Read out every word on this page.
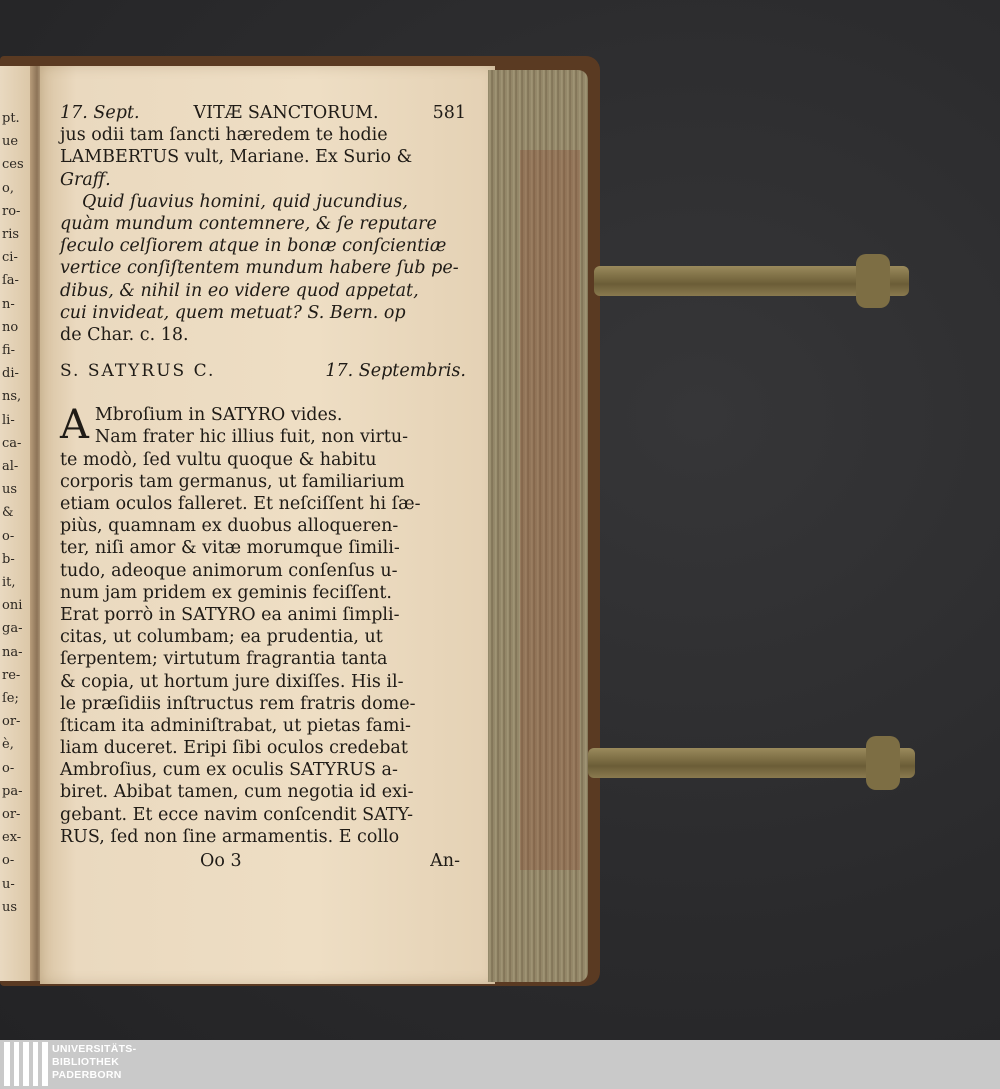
pt.
ue
ces
o,
ro-
ris
ci-
ſa-
n-
no
fi-
di-
ns,
li-
ca-
al-
us
&
o-
b-
it,
oni
ga-
na-
re-
ſe;
or-
è,
o-
pa-
or-
ex-
o-
u-
us
17. Sept.	VITÆ SANCTORUM.	581
jus odii tam ſancti hæredem te hodie
LAMBERTUS vult, Mariane. Ex Surio &
Graff.
Quid ſuavius homini, quid jucundius,
quàm mundum contemnere, & ſe reputare
ſeculo celſiorem atque in bonæ conſcientiæ
vertice conſiſtentem mundum habere ſub pe-
dibus, & nihil in eo videre quod appetat,
cui invideat, quem metuat? S. Bern. op
de Char. c. 18.
S. SATYRUS C.	17. Septembris.
A Mbroſium in SATYRO vides.
Nam frater hic illius fuit, non virtu-
te modò, ſed vultu quoque & habitu
corporis tam germanus, ut familiarium
etiam oculos falleret. Et neſciſſent hi ſæ-
piùs, quamnam ex duobus alloqueren-
ter, niſi amor & vitæ morumque ſimili-
tudo, adeoque animorum conſenſus u-
num jam pridem ex geminis feciſſent.
Erat porrò in SATYRO ea animi ſimpli-
citas, ut columbam; ea prudentia, ut
ſerpentem; virtutum fragrantia tanta
& copia, ut hortum jure dixiſſes. His il-
le præſidiis inſtructus rem fratris dome-
ſticam ita adminiſtrabat, ut pietas fami-
liam duceret. Eripi ſibi oculos credebat
Ambroſius, cum ex oculis SATYRUS a-
biret. Abibat tamen, cum negotia id exi-
gebant. Et ecce navim conſcendit SATY-
RUS, ſed non ſine armamentis. E collo
Oo 3	An-
UNIVERSITÄTS-
BIBLIOTHEK
PADERBORN
